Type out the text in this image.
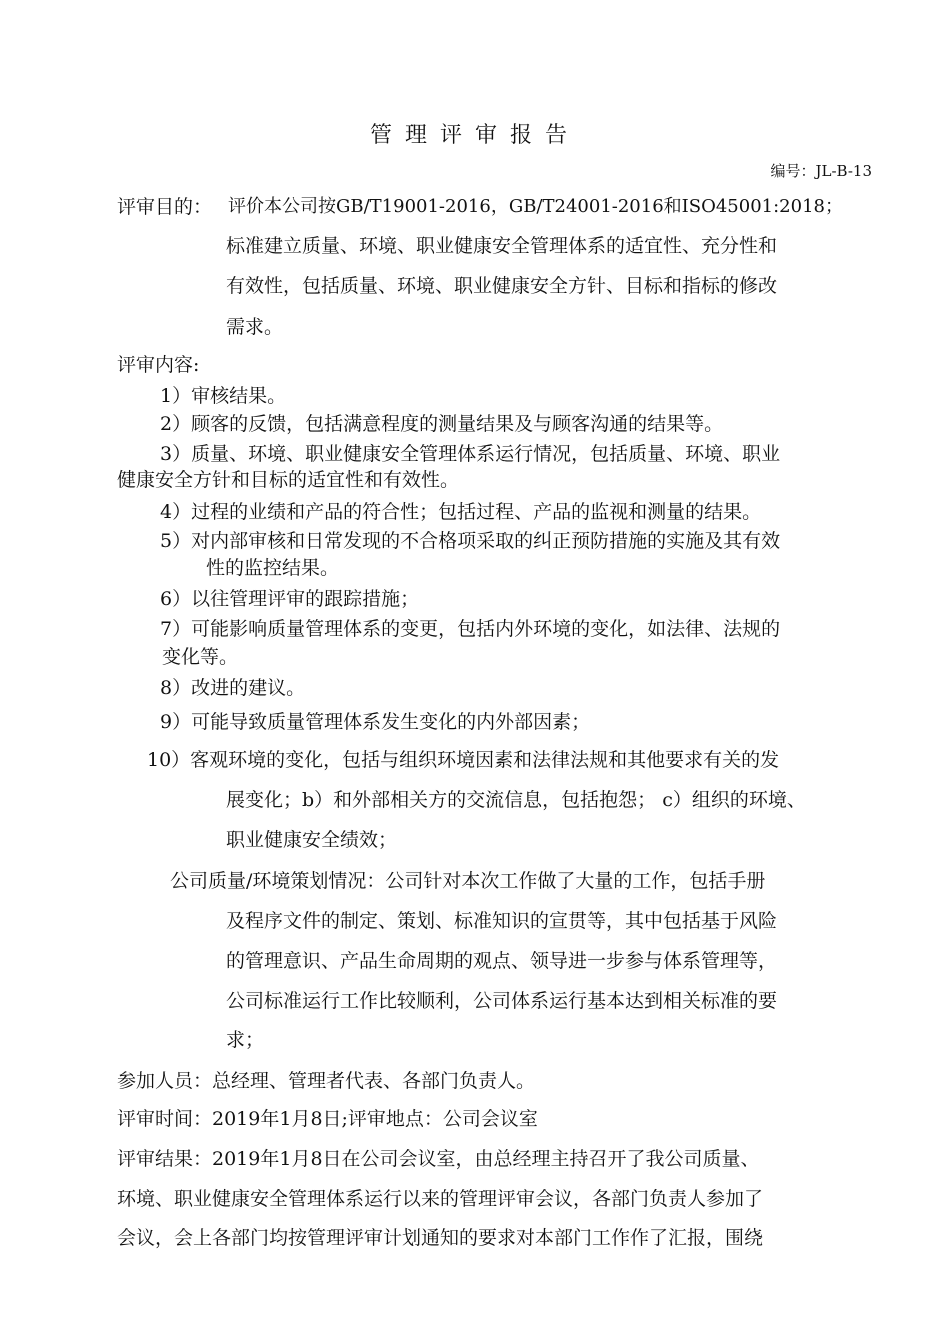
管理评审报告
编号：JL-B-13
评审目的： 评价本公司按GB/T19001-2016，GB/T24001-2016和ISO45001:2018；
标准建立质量、环境、职业健康安全管理体系的适宜性、充分性和
有效性，包括质量、环境、职业健康安全方针、目标和指标的修改
需求。
评审内容:
1）审核结果。
2）顾客的反馈，包括满意程度的测量结果及与顾客沟通的结果等。
3）质量、环境、职业健康安全管理体系运行情况，包括质量、环境、职业
健康安全方针和目标的适宜性和有效性。
4）过程的业绩和产品的符合性；包括过程、产品的监视和测量的结果。
5）对内部审核和日常发现的不合格项采取的纠正预防措施的实施及其有效
性的监控结果。
6）以往管理评审的跟踪措施；
7）可能影响质量管理体系的变更，包括内外环境的变化，如法律、法规的
变化等。
8）改进的建议。
9）可能导致质量管理体系发生变化的内外部因素；
10）客观环境的变化，包括与组织环境因素和法律法规和其他要求有关的发
展变化；b）和外部相关方的交流信息，包括抱怨； c）组织的环境、
职业健康安全绩效；
公司质量/环境策划情况：公司针对本次工作做了大量的工作，包括手册
及程序文件的制定、策划、标准知识的宣贯等，其中包括基于风险
的管理意识、产品生命周期的观点、领导进一步参与体系管理等，
公司标准运行工作比较顺利，公司体系运行基本达到相关标准的要
求；
参加人员：总经理、管理者代表、各部门负责人。
评审时间：2019年1月8日;评审地点：公司会议室
评审结果：2019年1月8日在公司会议室，由总经理主持召开了我公司质量、
环境、职业健康安全管理体系运行以来的管理评审会议，各部门负责人参加了
会议，会上各部门均按管理评审计划通知的要求对本部门工作作了汇报，围绕
